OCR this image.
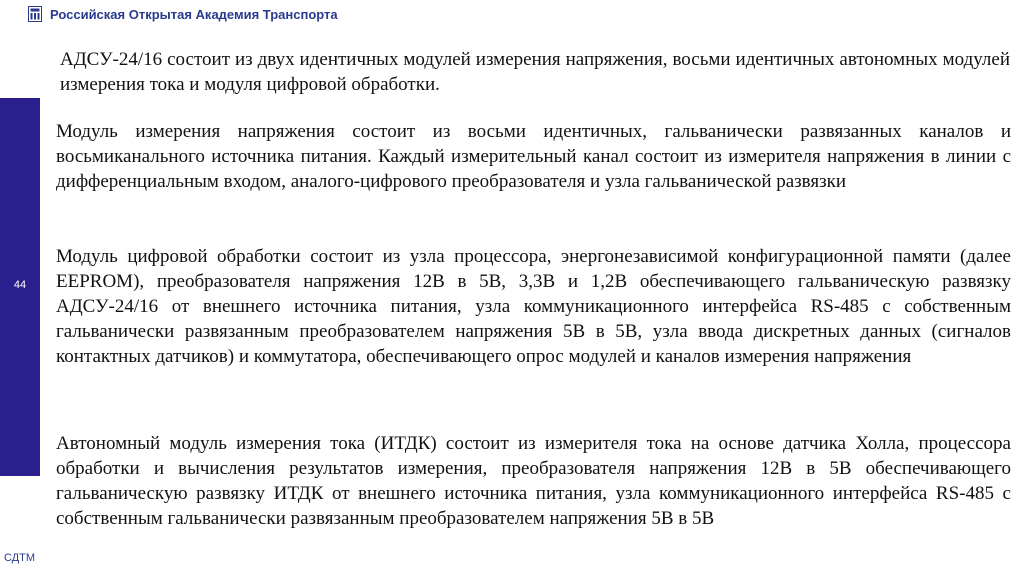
Российская Открытая Академия Транспорта
44

АДСУ-24/16 состоит из двух идентичных модулей измерения напряжения, восьми идентичных автономных модулей измерения тока и модуля цифровой обработки.

Модуль измерения напряжения состоит из восьми идентичных, гальванически развязанных каналов и восьмиканального источника питания. Каждый измерительный канал состоит из измерителя напряжения в линии с дифференциальным входом, аналого-цифрового преобразователя и узла гальванической развязки

Модуль цифровой обработки состоит из узла процессора, энергонезависимой конфигурационной памяти (далее EEPROM), преобразователя напряжения 12В в 5В, 3,3В и 1,2В обеспечивающего гальваническую развязку АДСУ-24/16 от внешнего источника питания, узла коммуникационного интерфейса RS-485 с собственным гальванически развязанным преобразователем напряжения 5В в 5В, узла ввода дискретных данных (сигналов контактных датчиков) и коммутатора, обеспечивающего опрос модулей и каналов измерения напряжения

Автономный модуль измерения тока (ИТДК) состоит из измерителя тока на основе датчика Холла, процессора обработки и вычисления результатов измерения, преобразователя напряжения 12В в 5В обеспечивающего гальваническую развязку ИТДК от внешнего источника питания, узла коммуникационного интерфейса RS-485 с собственным гальванически развязанным преобразователем напряжения 5В в 5В

СДТМ
